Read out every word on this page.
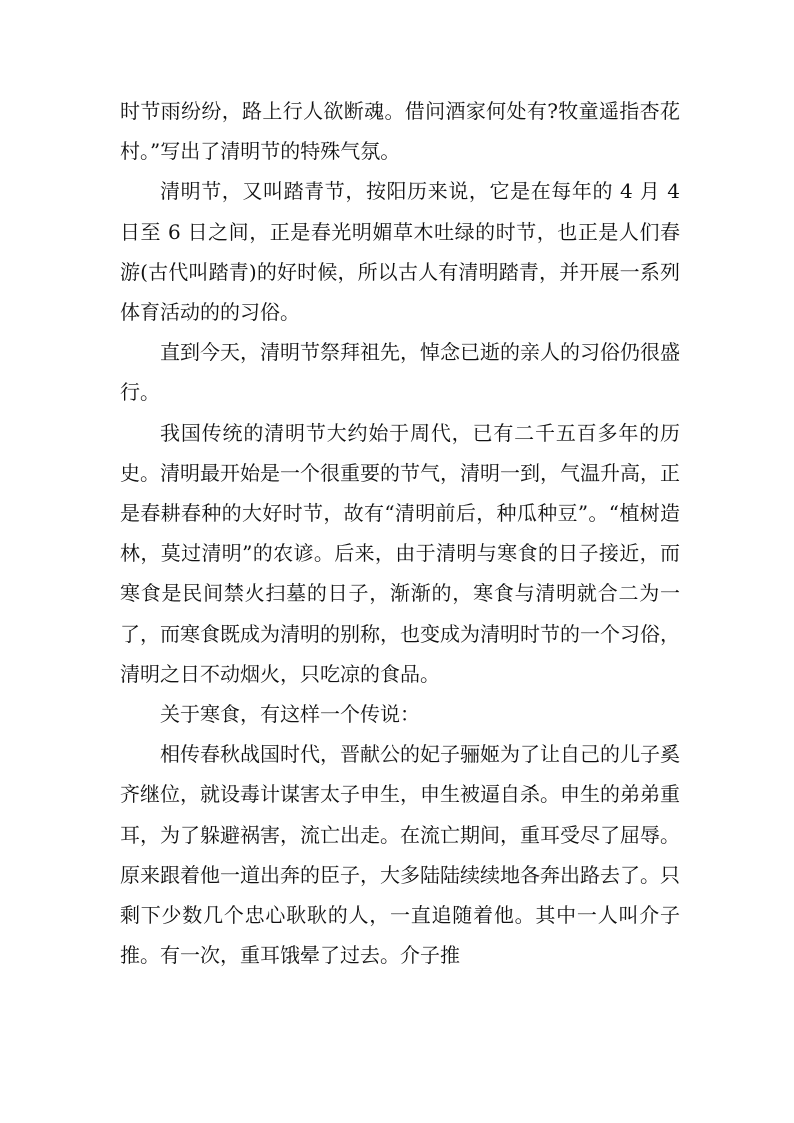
时节雨纷纷，路上行人欲断魂。借问酒家何处有?牧童遥指杏花村。”写出了清明节的特殊气氛。

清明节，又叫踏青节，按阳历来说，它是在每年的 4 月 4 日至 6 日之间，正是春光明媚草木吐绿的时节，也正是人们春游(古代叫踏青)的好时候，所以古人有清明踏青，并开展一系列体育活动的的习俗。

直到今天，清明节祭拜祖先，悼念已逝的亲人的习俗仍很盛行。

我国传统的清明节大约始于周代，已有二千五百多年的历史。清明最开始是一个很重要的节气，清明一到，气温升高，正是春耕春种的大好时节，故有“清明前后，种瓜种豆”。“植树造林，莫过清明”的农谚。后来，由于清明与寒食的日子接近，而寒食是民间禁火扫墓的日子，渐渐的，寒食与清明就合二为一了，而寒食既成为清明的别称，也变成为清明时节的一个习俗，清明之日不动烟火，只吃凉的食品。

关于寒食，有这样一个传说：

相传春秋战国时代，晋献公的妃子骊姬为了让自己的儿子奚齐继位，就设毒计谋害太子申生，申生被逼自杀。申生的弟弟重耳，为了躲避祸害，流亡出走。在流亡期间，重耳受尽了屈辱。原来跟着他一道出奔的臣子，大多陆陆续续地各奔出路去了。只剩下少数几个忠心耿耿的人，一直追随着他。其中一人叫介子推。有一次，重耳饿晕了过去。介子推
